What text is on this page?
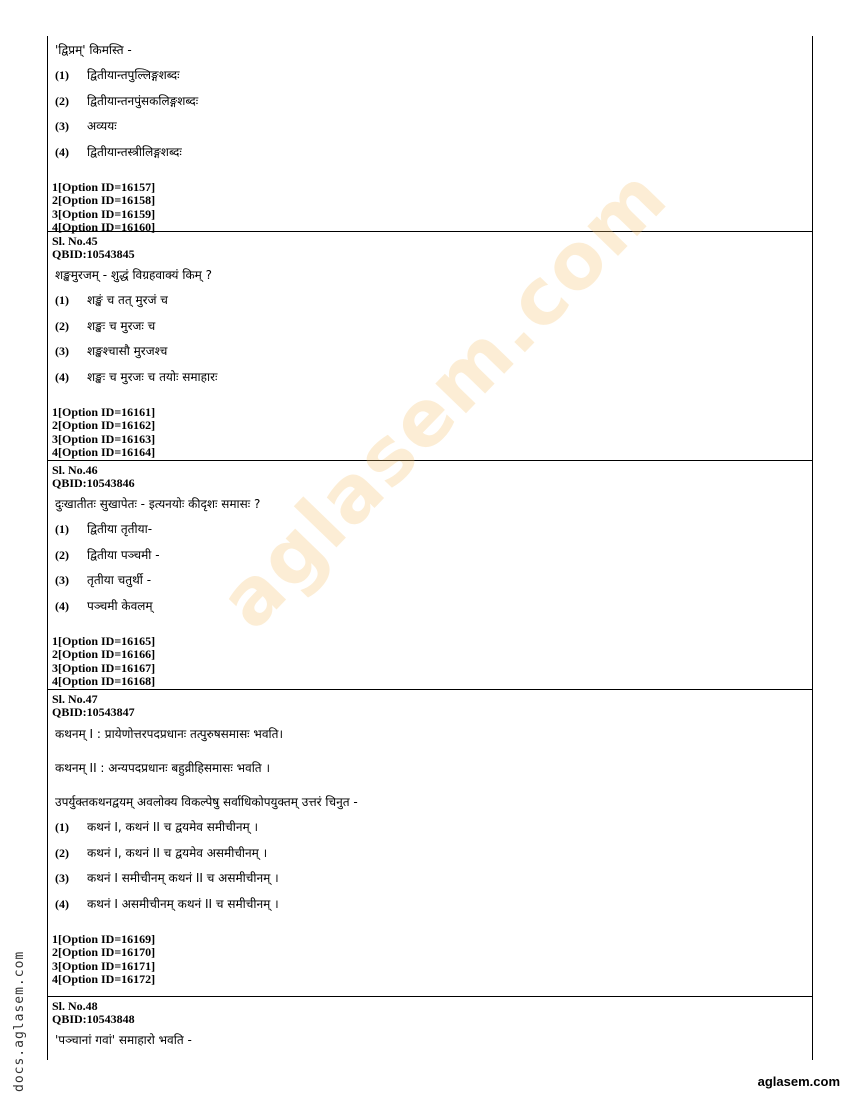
'द्विप्रम्' किमस्ति -
(1)	द्वितीयान्तपुल्लिङ्गशब्दः
(2)	द्वितीयान्तनपुंसकलिङ्गशब्दः
(3)	अव्ययः
(4)	द्वितीयान्तस्त्रीलिङ्गशब्दः
1[Option ID=16157]
2[Option ID=16158]
3[Option ID=16159]
4[Option ID=16160]
Sl. No.45
QBID:10543845
शङ्खमुरजम् - शुद्धं विग्रहवाक्यं किम् ?
(1)	शङ्खं च तत् मुरजं च
(2)	शङ्खः च मुरजः च
(3)	शङ्खश्चासौ मुरजश्च
(4)	शङ्खः च मुरजः च तयोः समाहारः
1[Option ID=16161]
2[Option ID=16162]
3[Option ID=16163]
4[Option ID=16164]
Sl. No.46
QBID:10543846
दुःखातीतः सुखापेतः - इत्यनयोः कीदृशः समासः ?
(1)	द्वितीया तृतीया-
(2)	द्वितीया पञ्चमी -
(3)	तृतीया चतुर्थी -
(4)	पञ्चमी केवलम्
1[Option ID=16165]
2[Option ID=16166]
3[Option ID=16167]
4[Option ID=16168]
Sl. No.47
QBID:10543847
कथनम् I : प्रायेणोत्तरपदप्रधानः तत्पुरुषसमासः भवति।
कथनम् II : अन्यपदप्रधानः बहुव्रीहिसमासः भवति ।
उपर्युक्तकथनद्वयम् अवलोक्य विकल्पेषु सर्वाधिकोपयुक्तम् उत्तरं चिनुत -
(1)	कथनं I, कथनं II च द्वयमेव समीचीनम् ।
(2)	कथनं I, कथनं II च द्वयमेव असमीचीनम् ।
(3)	कथनं I समीचीनम् कथनं II च असमीचीनम् ।
(4)	कथनं I असमीचीनम् कथनं II च समीचीनम् ।
1[Option ID=16169]
2[Option ID=16170]
3[Option ID=16171]
4[Option ID=16172]
Sl. No.48
QBID:10543848
'पञ्चानां गवां' समाहारो भवति -
aglasem.com
docs.aglasem.com	aglasem.com
